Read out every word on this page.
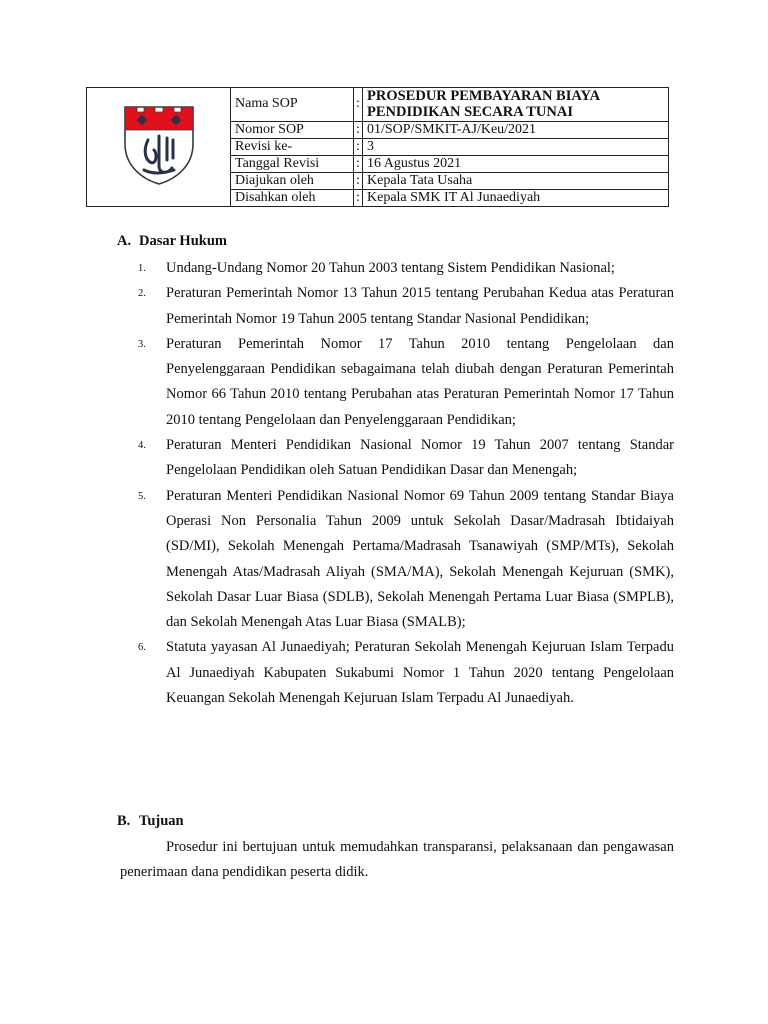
	Nama SOP	:	PROSEDUR PEMBAYARAN BIAYA PENDIDIKAN SECARA TUNAI
	Nomor SOP	:	01/SOP/SMKIT-AJ/Keu/2021
	Revisi ke-	:	3
	Tanggal Revisi	:	16 Agustus 2021
	Diajukan oleh	:	Kepala Tata Usaha
	Disahkan oleh	:	Kepala SMK IT Al Junaediyah
A. Dasar Hukum
1. Undang-Undang Nomor 20 Tahun 2003 tentang Sistem Pendidikan Nasional;
2. Peraturan Pemerintah Nomor 13 Tahun 2015 tentang Perubahan Kedua atas Peraturan Pemerintah Nomor 19 Tahun 2005 tentang Standar Nasional Pendidikan;
3. Peraturan Pemerintah Nomor 17 Tahun 2010 tentang Pengelolaan dan Penyelenggaraan Pendidikan sebagaimana telah diubah dengan Peraturan Pemerintah Nomor 66 Tahun 2010 tentang Perubahan atas Peraturan Pemerintah Nomor 17 Tahun 2010 tentang Pengelolaan dan Penyelenggaraan Pendidikan;
4. Peraturan Menteri Pendidikan Nasional Nomor 19 Tahun 2007 tentang Standar Pengelolaan Pendidikan oleh Satuan Pendidikan Dasar dan Menengah;
5. Peraturan Menteri Pendidikan Nasional Nomor 69 Tahun 2009 tentang Standar Biaya Operasi Non Personalia Tahun 2009 untuk Sekolah Dasar/Madrasah Ibtidaiyah (SD/MI), Sekolah Menengah Pertama/Madrasah Tsanawiyah (SMP/MTs), Sekolah Menengah Atas/Madrasah Aliyah (SMA/MA), Sekolah Menengah Kejuruan (SMK), Sekolah Dasar Luar Biasa (SDLB), Sekolah Menengah Pertama Luar Biasa (SMPLB), dan Sekolah Menengah Atas Luar Biasa (SMALB);
6. Statuta yayasan Al Junaediyah; Peraturan Sekolah Menengah Kejuruan Islam Terpadu Al Junaediyah Kabupaten Sukabumi Nomor 1 Tahun 2020 tentang Pengelolaan Keuangan Sekolah Menengah Kejuruan Islam Terpadu Al Junaediyah.
B. Tujuan

Prosedur ini bertujuan untuk memudahkan transparansi, pelaksanaan dan pengawasan penerimaan dana pendidikan peserta didik.
